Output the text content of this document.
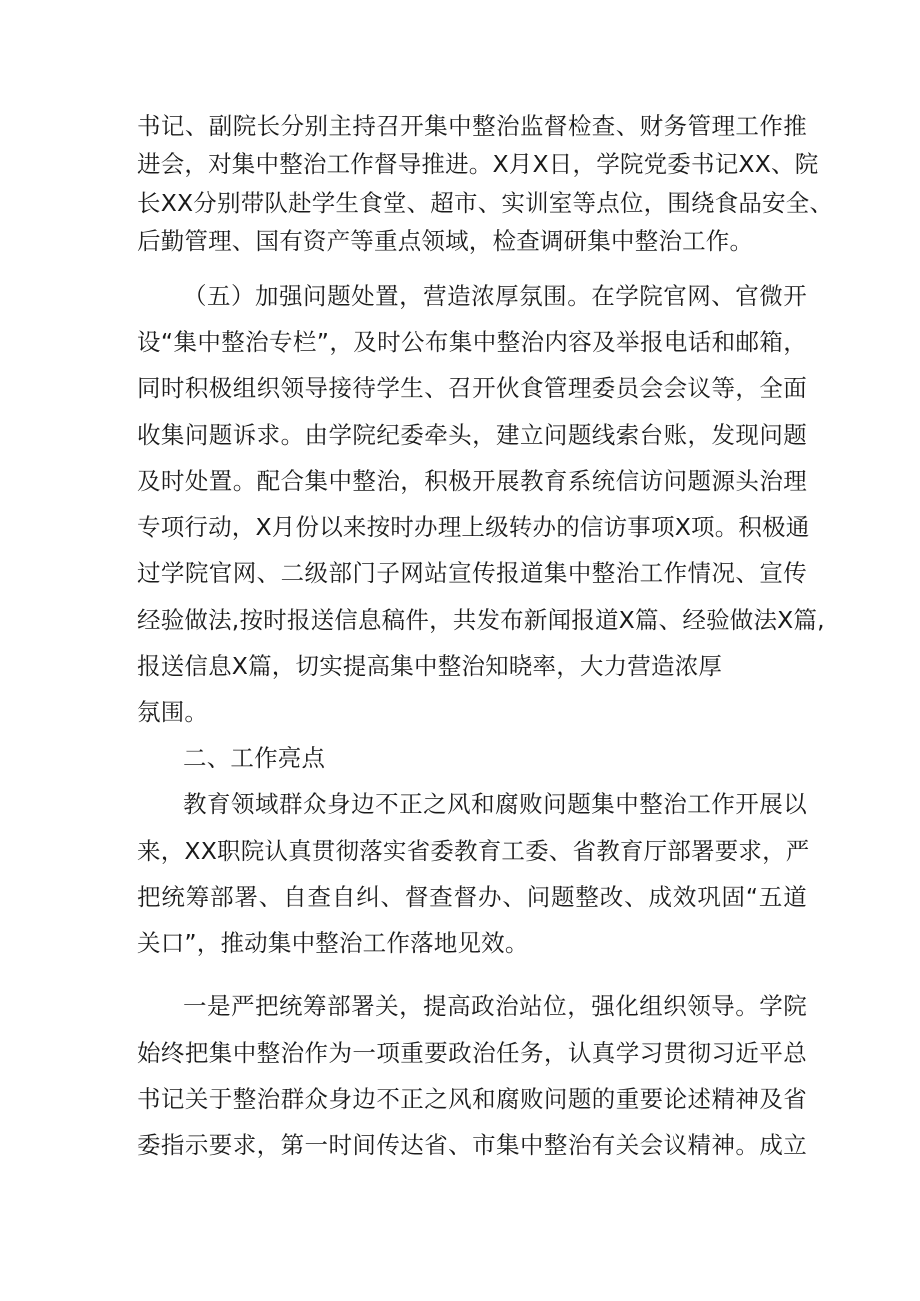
书记、副院长分别主持召开集中整治监督检查、财务管理工作推

进会，对集中整治工作督导推进。X月X日，学院党委书记XX、院

长XX分别带队赴学生食堂、超市、实训室等点位，围绕食品安全、

后勤管理、国有资产等重点领域，检查调研集中整治工作。

（五）加强问题处置，营造浓厚氛围。在学院官网、官微开

设“集中整治专栏”，及时公布集中整治内容及举报电话和邮箱，

同时积极组织领导接待学生、召开伙食管理委员会会议等，全面

收集问题诉求。由学院纪委牵头，建立问题线索台账，发现问题

及时处置。配合集中整治，积极开展教育系统信访问题源头治理

专项行动，X月份以来按时办理上级转办的信访事项X项。积极通

过学院官网、二级部门子网站宣传报道集中整治工作情况、宣传

经验做法,按时报送信息稿件，共发布新闻报道X篇、经验做法X篇,

报送信息X篇，切实提高集中整治知晓率，大力营造浓厚

氛围。

二、工作亮点

教育领域群众身边不正之风和腐败问题集中整治工作开展以

来，XX职院认真贯彻落实省委教育工委、省教育厅部署要求，严

把统筹部署、自查自纠、督查督办、问题整改、成效巩固“五道

关口”，推动集中整治工作落地见效。

一是严把统筹部署关，提高政治站位，强化组织领导。学院

始终把集中整治作为一项重要政治任务，认真学习贯彻习近平总

书记关于整治群众身边不正之风和腐败问题的重要论述精神及省

委指示要求，第一时间传达省、市集中整治有关会议精神。成立
